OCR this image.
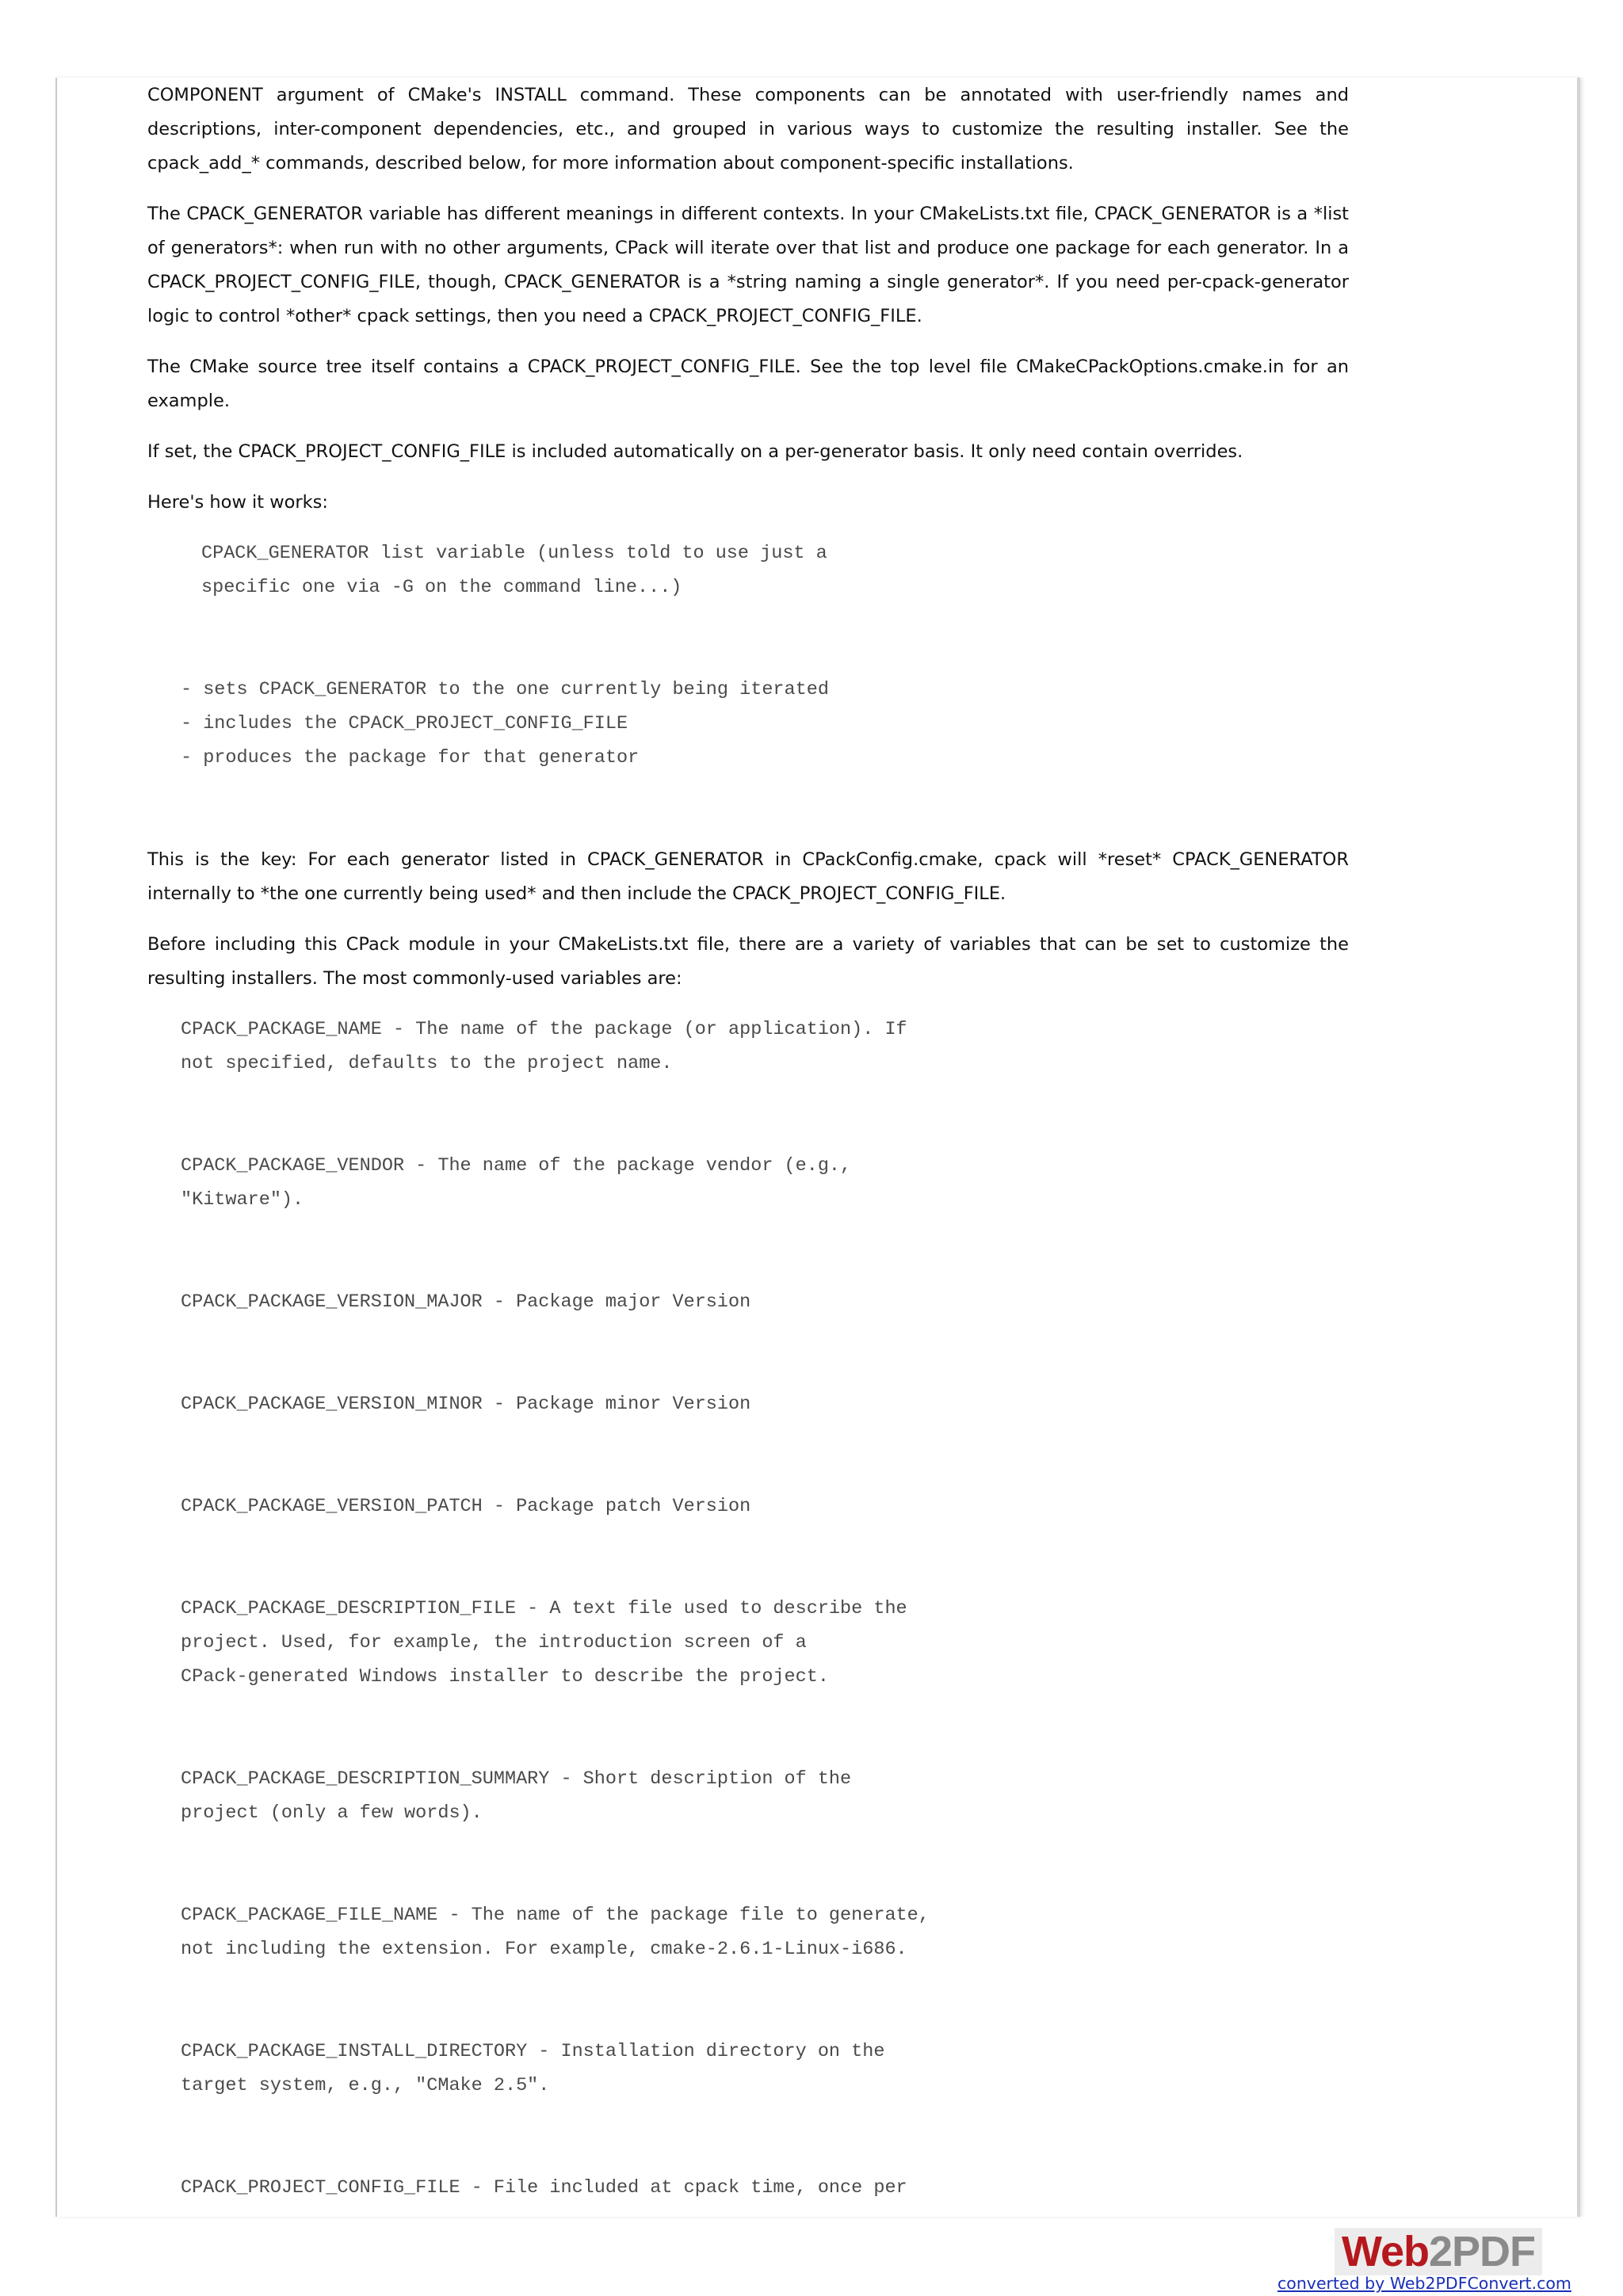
COMPONENT argument of CMake's INSTALL command. These components can be annotated with user-friendly names and descriptions, inter-component dependencies, etc., and grouped in various ways to customize the resulting installer. See the cpack_add_* commands, described below, for more information about component-specific installations.

The CPACK_GENERATOR variable has different meanings in different contexts. In your CMakeLists.txt file, CPACK_GENERATOR is a *list of generators*: when run with no other arguments, CPack will iterate over that list and produce one package for each generator. In a CPACK_PROJECT_CONFIG_FILE, though, CPACK_GENERATOR is a *string naming a single generator*. If you need per-cpack-generator logic to control *other* cpack settings, then you need a CPACK_PROJECT_CONFIG_FILE.

The CMake source tree itself contains a CPACK_PROJECT_CONFIG_FILE. See the top level file CMakeCPackOptions.cmake.in for an example.

If set, the CPACK_PROJECT_CONFIG_FILE is included automatically on a per-generator basis. It only need contain overrides.

Here's how it works:

CPACK_GENERATOR list variable (unless told to use just a
specific one via -G on the command line...)
- sets CPACK_GENERATOR to the one currently being iterated
- includes the CPACK_PROJECT_CONFIG_FILE
- produces the package for that generator

This is the key: For each generator listed in CPACK_GENERATOR in CPackConfig.cmake, cpack will *reset* CPACK_GENERATOR internally to *the one currently being used* and then include the CPACK_PROJECT_CONFIG_FILE.

Before including this CPack module in your CMakeLists.txt file, there are a variety of variables that can be set to customize the resulting installers. The most commonly-used variables are:

CPACK_PACKAGE_NAME - The name of the package (or application). If
not specified, defaults to the project name.
CPACK_PACKAGE_VENDOR - The name of the package vendor (e.g.,
"Kitware").
CPACK_PACKAGE_VERSION_MAJOR - Package major Version
CPACK_PACKAGE_VERSION_MINOR - Package minor Version
CPACK_PACKAGE_VERSION_PATCH - Package patch Version
CPACK_PACKAGE_DESCRIPTION_FILE - A text file used to describe the
project. Used, for example, the introduction screen of a
CPack-generated Windows installer to describe the project.
CPACK_PACKAGE_DESCRIPTION_SUMMARY - Short description of the
project (only a few words).
CPACK_PACKAGE_FILE_NAME - The name of the package file to generate,
not including the extension. For example, cmake-2.6.1-Linux-i686.
CPACK_PACKAGE_INSTALL_DIRECTORY - Installation directory on the
target system, e.g., "CMake 2.5".
CPACK_PROJECT_CONFIG_FILE - File included at cpack time, once per
Web 2PDF
converted by Web2PDFConvert.com
